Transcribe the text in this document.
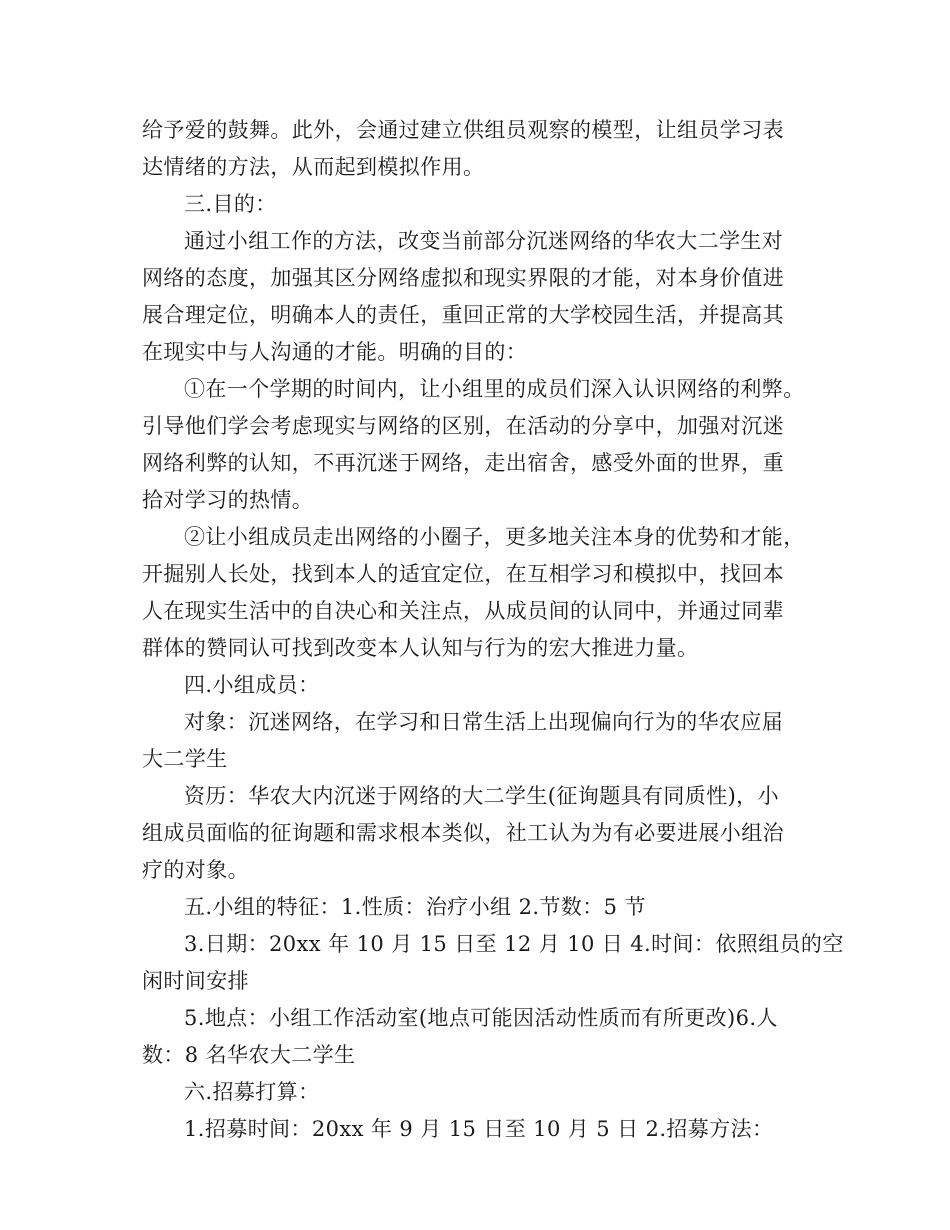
给予爱的鼓舞。此外，会通过建立供组员观察的模型，让组员学习表
达情绪的方法，从而起到模拟作用。
三.目的：
通过小组工作的方法，改变当前部分沉迷网络的华农大二学生对
网络的态度，加强其区分网络虚拟和现实界限的才能，对本身价值进
展合理定位，明确本人的责任，重回正常的大学校园生活，并提高其
在现实中与人沟通的才能。明确的目的：
①在一个学期的时间内，让小组里的成员们深入认识网络的利弊。
引导他们学会考虑现实与网络的区别，在活动的分享中，加强对沉迷
网络利弊的认知，不再沉迷于网络，走出宿舍，感受外面的世界，重
拾对学习的热情。
②让小组成员走出网络的小圈子，更多地关注本身的优势和才能，
开掘别人长处，找到本人的适宜定位，在互相学习和模拟中，找回本
人在现实生活中的自决心和关注点，从成员间的认同中，并通过同辈
群体的赞同认可找到改变本人认知与行为的宏大推进力量。
四.小组成员：
对象：沉迷网络，在学习和日常生活上出现偏向行为的华农应届
大二学生
资历：华农大内沉迷于网络的大二学生(征询题具有同质性)，小
组成员面临的征询题和需求根本类似，社工认为为有必要进展小组治
疗的对象。
五.小组的特征：1.性质：治疗小组 2.节数：5 节
3.日期：20xx 年 10 月 15 日至 12 月 10 日 4.时间：依照组员的空
闲时间安排
5.地点：小组工作活动室(地点可能因活动性质而有所更改)6.人
数：8 名华农大二学生
六.招募打算：
1.招募时间：20xx 年 9 月 15 日至 10 月 5 日 2.招募方法：
